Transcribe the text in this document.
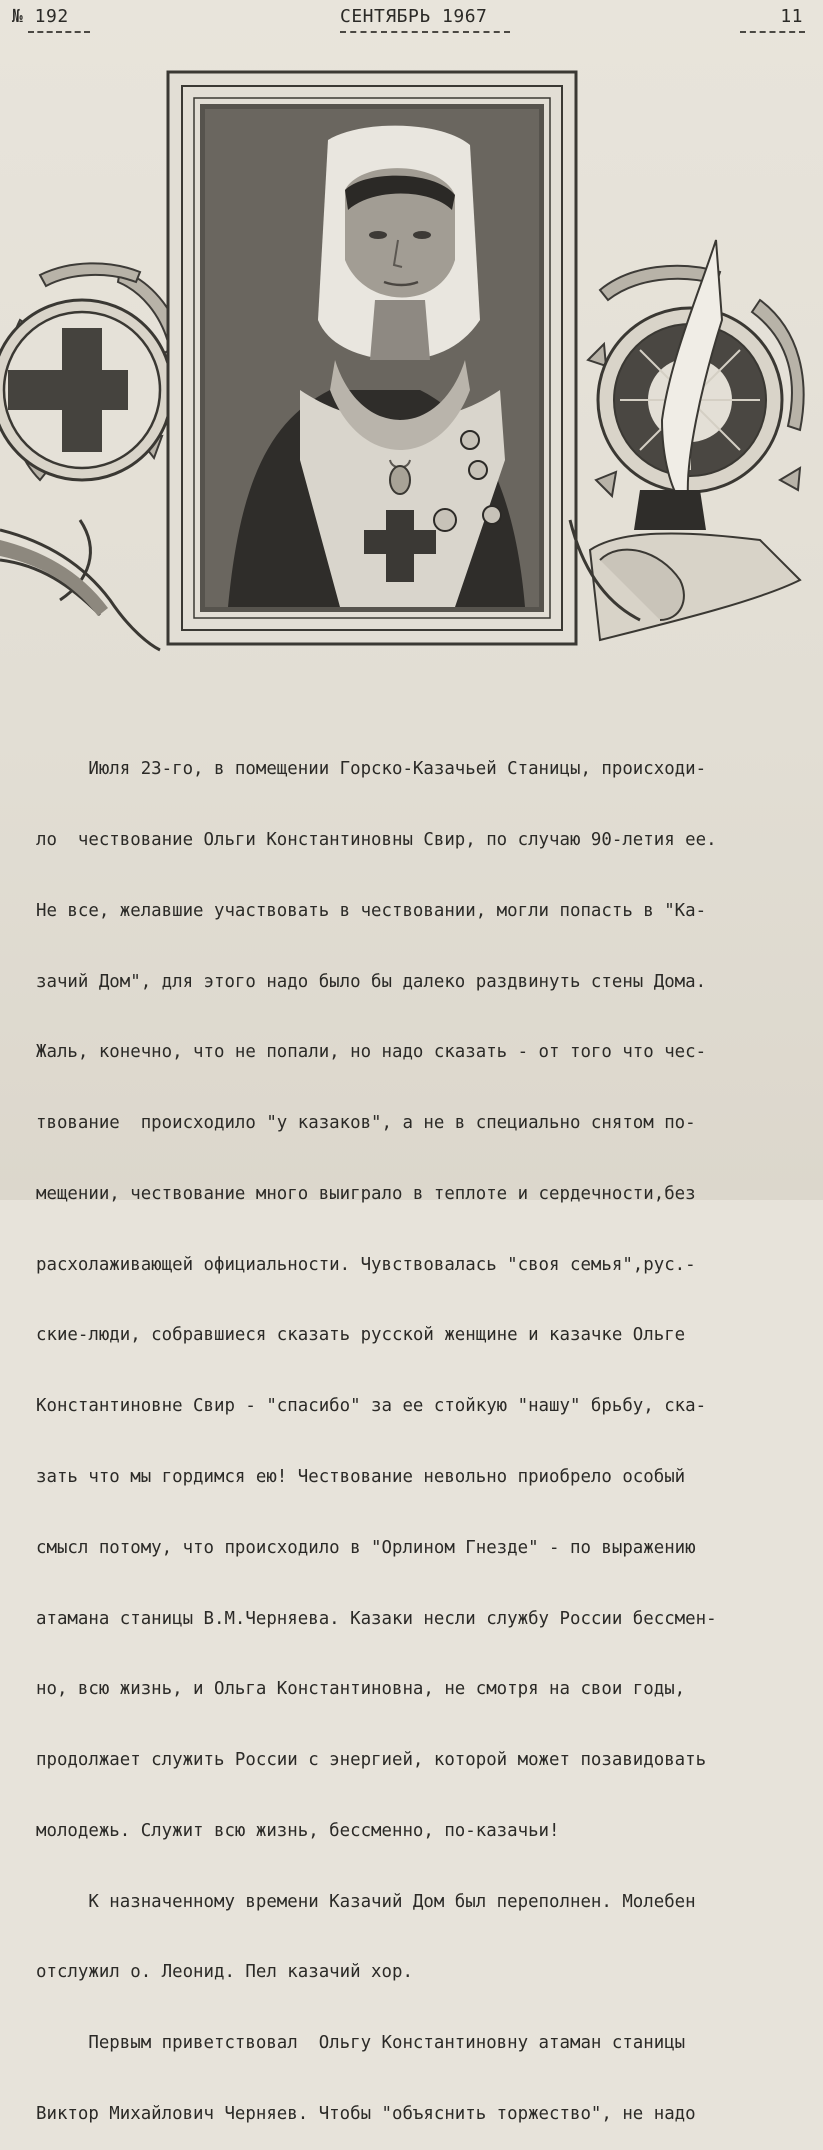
№ 192	СЕНТЯБРЬ 1967	11

Июля 23-го, в помещении Горско-Казачьей Станицы, происходи-

ло  чествование Ольги Константиновны Свир, по случаю 90-летия ее.

Не все, желавшие участвовать в чествовании, могли попасть в "Ка-

зачий Дом", для этого надо было бы далеко раздвинуть стены Дома.

Жаль, конечно, что не попали, но надо сказать - от того что чес-

твование  происходило "у казаков", а не в специально снятом по-

мещении, чествование много выиграло в теплоте и сердечности,без

расхолаживающей официальности. Чувствовалась "своя семья",рус.-

ские-люди, собравшиеся сказать русской женщине и казачке Ольге

Константиновне Свир - "спасибо" за ее стойкую "нашу" брьбу, ска-

зать что мы гордимся ею! Чествование невольно приобрело особый

смысл потому, что происходило в "Орлином Гнезде" - по выражению

атамана станицы В.М.Черняева. Казаки несли службу России бессмен-

но, всю жизнь, и Ольга Константиновна, не смотря на свои годы,

продолжает служить России с энергией, которой может позавидовать

молодежь. Служит всю жизнь, бессменно, по-казачьи!

К назначенному времени Казачий Дом был переполнен. Молебен

отслужил о. Леонид. Пел казачий хор.

Первым приветствовал  Ольгу Константиновну атаман станицы

Виктор Михайлович Черняев. Чтобы "объяснить торжество", не надо
